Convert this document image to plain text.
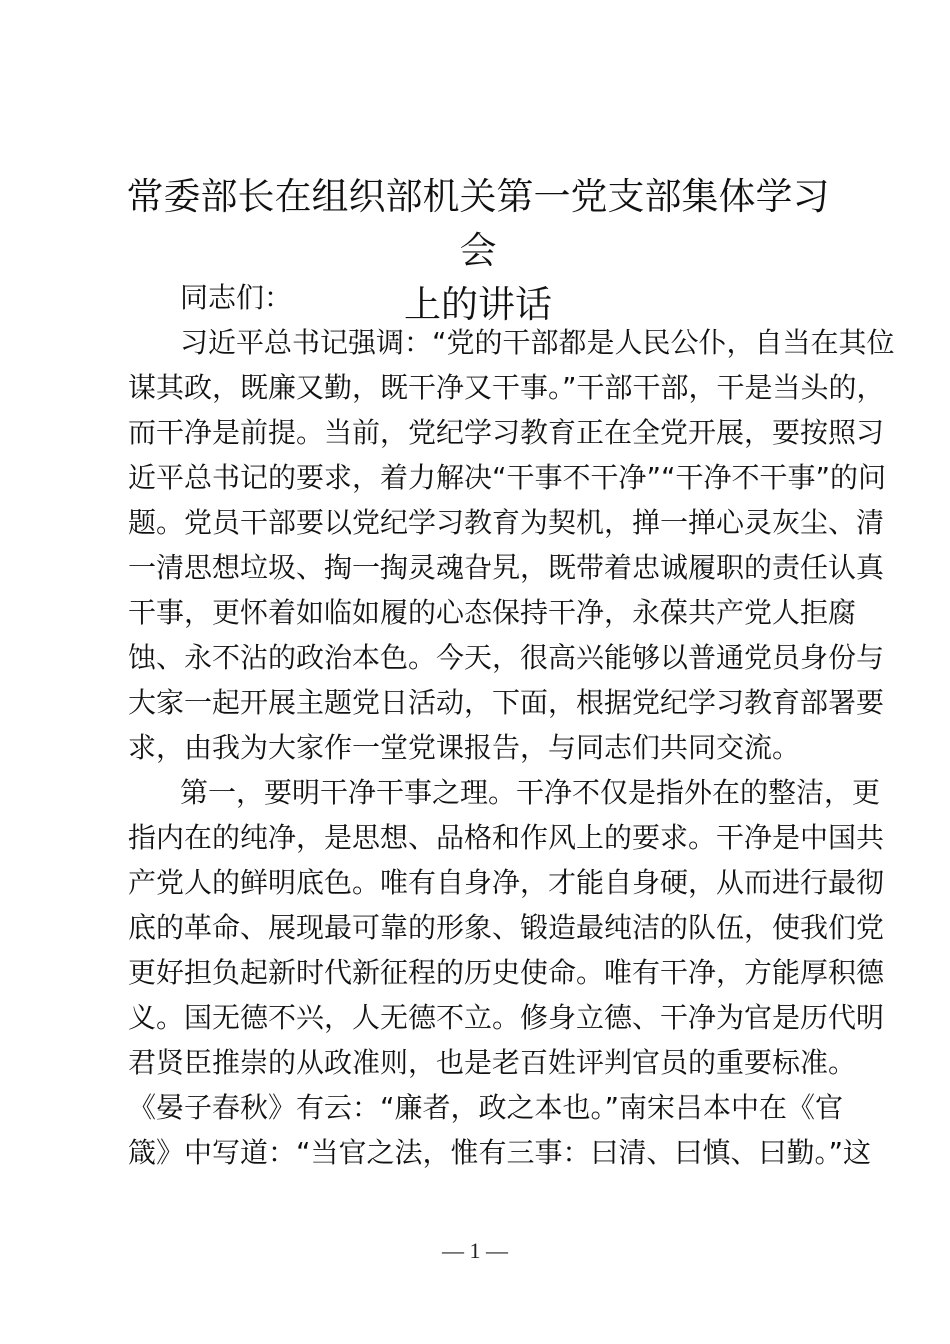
常委部长在组织部机关第一党支部集体学习会
上的讲话
同志们：
习近平总书记强调：“党的干部都是人民公仆，自当在其位
谋其政，既廉又勤，既干净又干事。”干部干部，干是当头的，
而干净是前提。当前，党纪学习教育正在全党开展，要按照习
近平总书记的要求，着力解决“干事不干净”“干净不干事”的问
题。党员干部要以党纪学习教育为契机，掸一掸心灵灰尘、清
一清思想垃圾、掏一掏灵魂旮旯，既带着忠诚履职的责任认真
干事，更怀着如临如履的心态保持干净，永葆共产党人拒腐
蚀、永不沾的政治本色。今天，很高兴能够以普通党员身份与
大家一起开展主题党日活动，下面，根据党纪学习教育部署要
求，由我为大家作一堂党课报告，与同志们共同交流。
第一，要明干净干事之理。干净不仅是指外在的整洁，更
指内在的纯净，是思想、品格和作风上的要求。干净是中国共
产党人的鲜明底色。唯有自身净，才能自身硬，从而进行最彻
底的革命、展现最可靠的形象、锻造最纯洁的队伍，使我们党
更好担负起新时代新征程的历史使命。唯有干净，方能厚积德
义。国无德不兴，人无德不立。修身立德、干净为官是历代明
君贤臣推崇的从政准则，也是老百姓评判官员的重要标准。
《晏子春秋》有云：“廉者，政之本也。”南宋吕本中在《官
箴》中写道：“当官之法，惟有三事：曰清、曰慎、曰勤。”这
— 1 —
